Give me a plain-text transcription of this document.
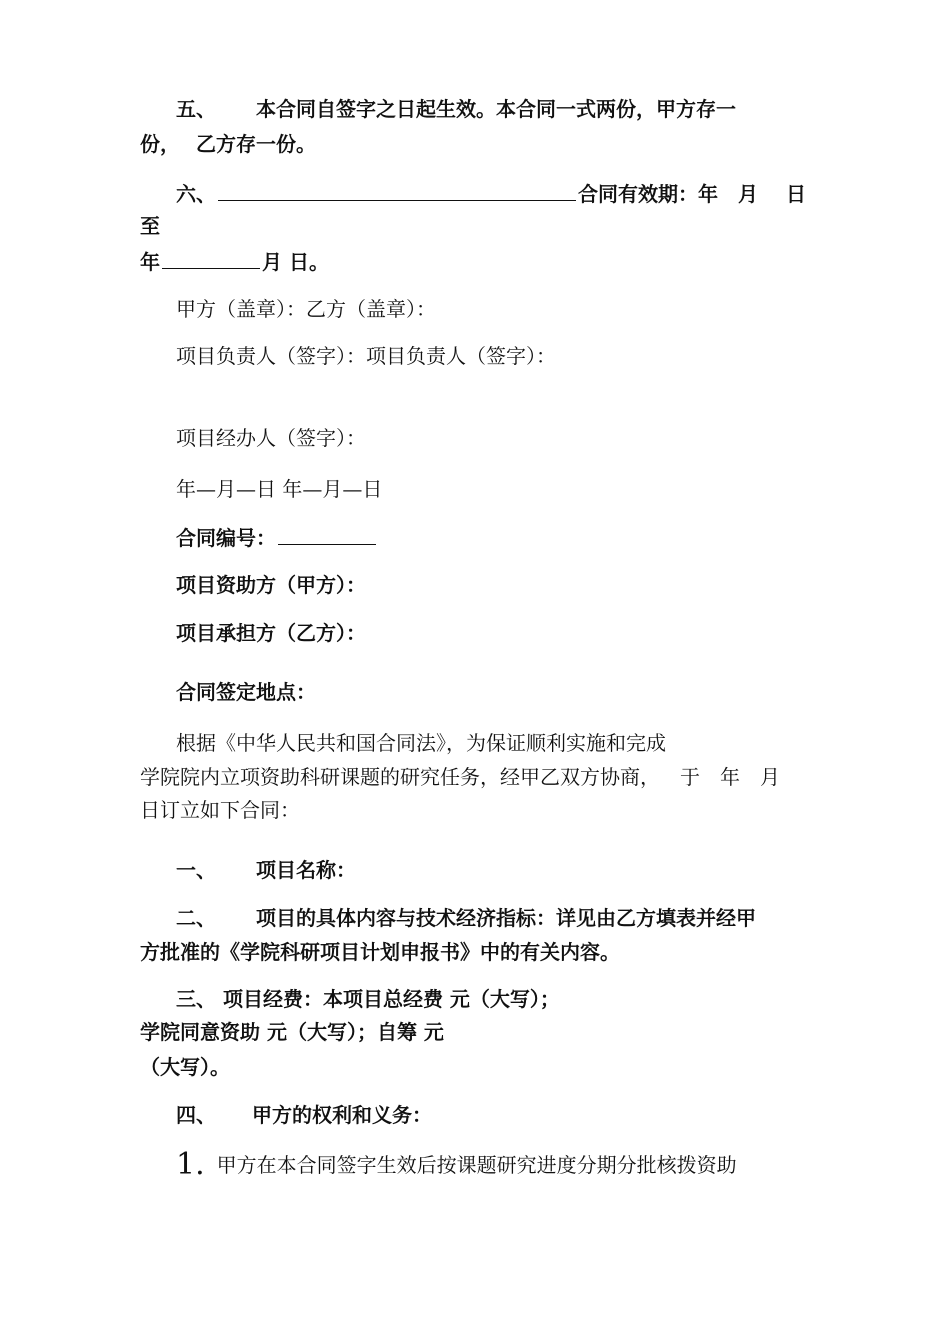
五、 本合同自签字之日起生效。本合同一式两份，甲方存一
份， 乙方存一份。
六、	合同有效期：年 月 日
至
年	月 日。
甲方（盖章）：乙方（盖章）：
项目负责人（签字）：项目负责人（签字）：
项目经办人（签字）：
年—月—日 年—月—日
合同编号：
项目资助方（甲方）：
项目承担方（乙方）：
合同签定地点：
根据《中华人民共和国合同法》，为保证顺利实施和完成
学院院内立项资助科研课题的研究任务，经甲乙双方协商， 于 年 月
日订立如下合同：
一、 项目名称：
二、 项目的具体内容与技术经济指标：详见由乙方填表并经甲
方批准的《学院科研项目计划申报书》中的有关内容。
三、 项目经费：本项目总经费 元（大写）；
学院同意资助 元（大写）；自筹 元
（大写）。
四、 甲方的权利和义务：
1. 甲方在本合同签字生效后按课题研究进度分期分批核拨资助
